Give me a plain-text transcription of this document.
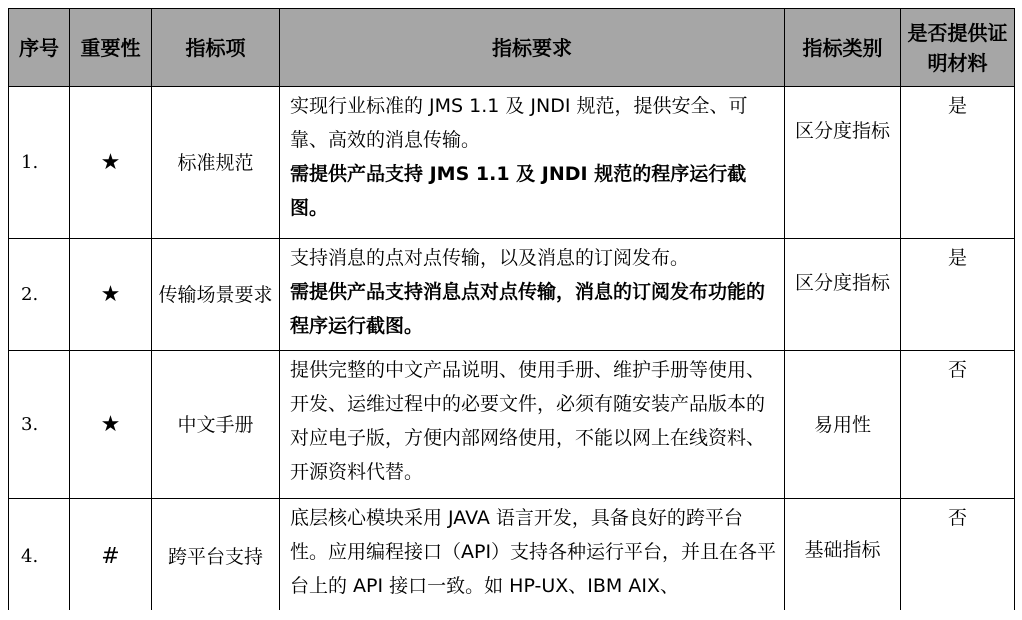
序号	重要性	指标项	指标要求	指标类别	是否提供证明材料
1.	★	标准规范	实现行业标准的 JMS 1.1 及 JNDI 规范，提供安全、可靠、高效的消息传输。
需提供产品支持 JMS 1.1 及 JNDI 规范的程序运行截图。	区分度指标	是
2.	★	传输场景要求	支持消息的点对点传输，以及消息的订阅发布。
需提供产品支持消息点对点传输，消息的订阅发布功能的程序运行截图。	区分度指标	是
3.	★	中文手册	提供完整的中文产品说明、使用手册、维护手册等使用、开发、运维过程中的必要文件，必须有随安装产品版本的对应电子版，方便内部网络使用，不能以网上在线资料、开源资料代替。	易用性	否
4.	#	跨平台支持	底层核心模块采用 JAVA 语言开发，具备良好的跨平台性。应用编程接口（API）支持各种运行平台，并且在各平台上的 API 接口一致。如 HP-UX、IBM AIX、	基础指标	否
